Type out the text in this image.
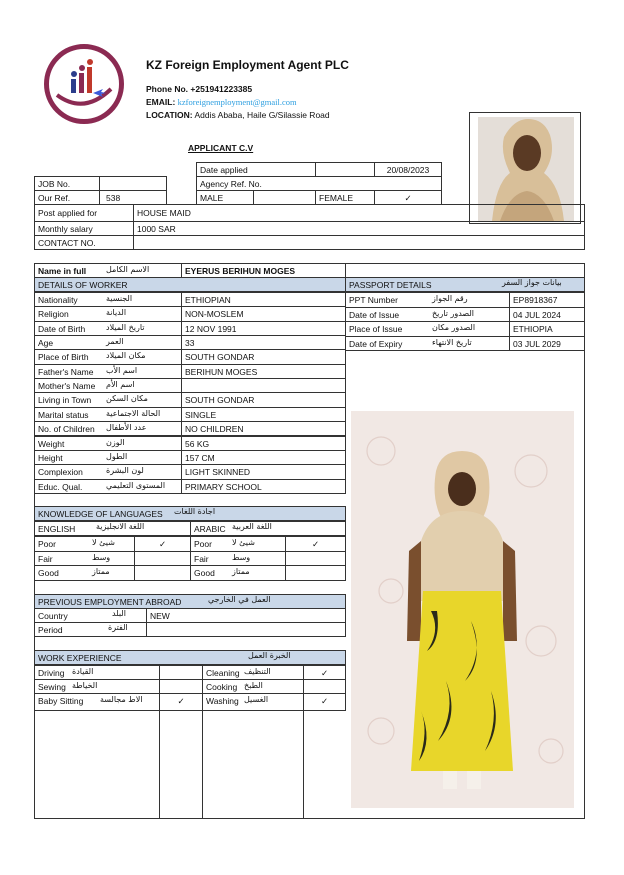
KZ Foreign Employment Agent PLC
Phone No. +251941223385
EMAIL: kzforeignemployment@gmail.com
LOCATION: Addis Ababa, Haile G/Silassie Road
APPLICANT C.V
Date applied	20/08/2023
JOB No.	Agency Ref. No.
Our Ref.	538	MALE	FEMALE	✓
Post applied for	HOUSE MAID
Monthly salary	1000 SAR
CONTACT NO.
Name in full	الاسم الكامل	EYERUS BERIHUN MOGES
DETAILS OF WORKER	PASSPORT DETAILS	بيانات جواز السفر
Nationality	الجنسية	ETHIOPIAN
Religion	الديانة	NON-MOSLEM
Date of Birth	تاريخ الميلاد	12 NOV 1991
Age	العمر	33
Place of Birth	مكان الميلاد	SOUTH GONDAR
Father's Name	اسم الأب	BERIHUN MOGES
Mother's Name	اسم الأم
Living in Town	مكان السكن	SOUTH GONDAR
Marital status	الحالة الاجتماعية	SINGLE
No. of Children	عدد الأطفال	NO CHILDREN
Weight	الوزن	56 KG
Height	الطول	157 CM
Complexion	لون البشرة	LIGHT SKINNED
Educ. Qual.	المستوى التعليمي	PRIMARY SCHOOL
PPT Number	رقم الجواز	EP8918367
Date of Issue	الصدور تاريخ	04 JUL 2024
Place of Issue	الصدور مكان	ETHIOPIA
Date of Expiry	تاريخ الانتهاء	03 JUL 2029
KNOWLEDGE OF LANGUAGES	اجادة اللغات
ENGLISH	اللغة الانجليزية	ARABIC اللغة العربية
Poor	شيئ لا	✓	Poor	شيئ لا	✓
Fair	وسط	Fair	وسط
Good	ممتاز	Good	ممتاز
PREVIOUS EMPLOYMENT ABROAD	العمل في الخارجي
Country	البلد	NEW
Period	الفترة
WORK EXPERIENCE	الخبرة العمل
Driving القيادة	Cleaning التنظيف	✓
Sewing الخياطة	Cooking الطبخ
Baby Sitting	الاط مجالسة	✓	Washing الغسيل	✓
